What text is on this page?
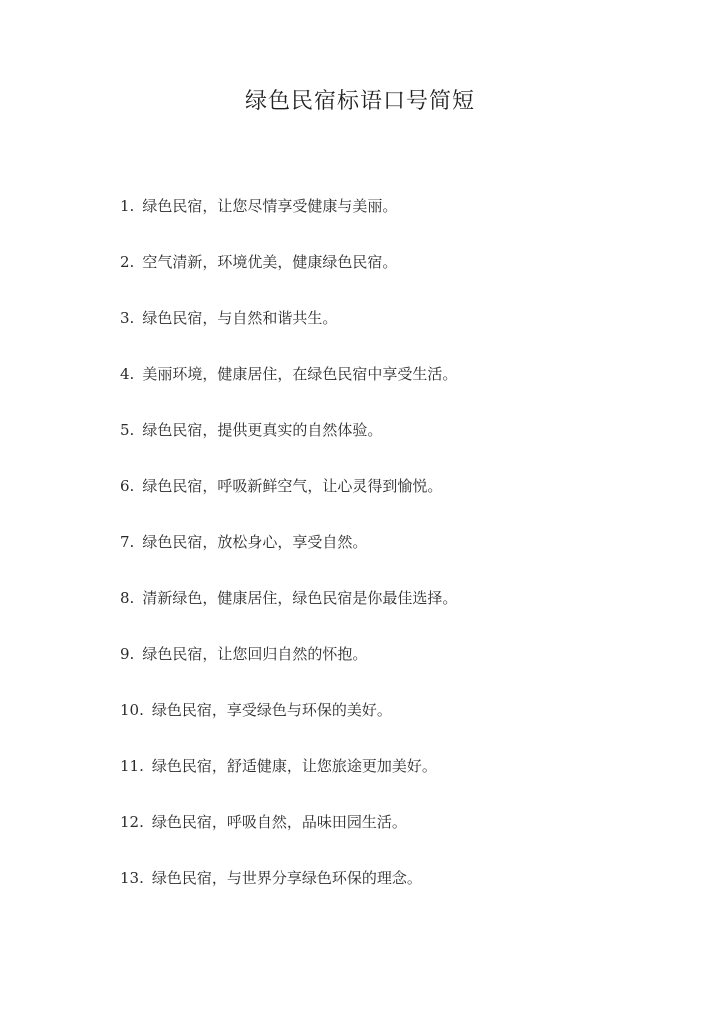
绿色民宿标语口号简短
1. 绿色民宿，让您尽情享受健康与美丽。
2. 空气清新，环境优美，健康绿色民宿。
3. 绿色民宿，与自然和谐共生。
4. 美丽环境，健康居住，在绿色民宿中享受生活。
5. 绿色民宿，提供更真实的自然体验。
6. 绿色民宿，呼吸新鲜空气，让心灵得到愉悦。
7. 绿色民宿，放松身心，享受自然。
8. 清新绿色，健康居住，绿色民宿是你最佳选择。
9. 绿色民宿，让您回归自然的怀抱。
10. 绿色民宿，享受绿色与环保的美好。
11. 绿色民宿，舒适健康，让您旅途更加美好。
12. 绿色民宿，呼吸自然，品味田园生活。
13. 绿色民宿，与世界分享绿色环保的理念。
